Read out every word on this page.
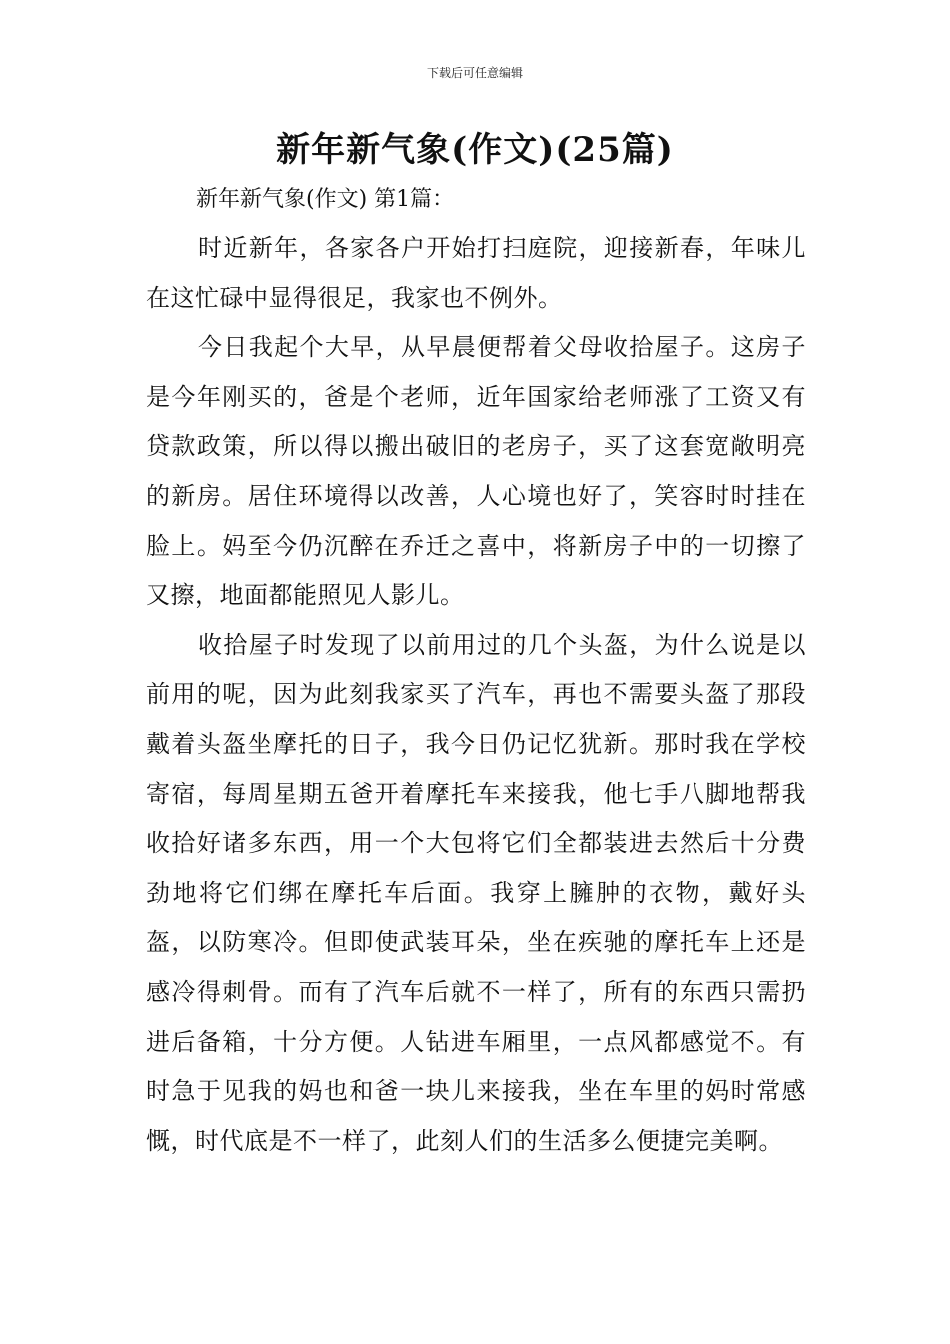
下载后可任意编辑
新年新气象(作文)(25篇)

新年新气象(作文) 第1篇：

时近新年，各家各户开始打扫庭院，迎接新春，年味儿在这忙碌中显得很足，我家也不例外。

今日我起个大早，从早晨便帮着父母收拾屋子。这房子是今年刚买的，爸是个老师，近年国家给老师涨了工资又有贷款政策，所以得以搬出破旧的老房子，买了这套宽敞明亮的新房。居住环境得以改善，人心境也好了，笑容时时挂在脸上。妈至今仍沉醉在乔迁之喜中，将新房子中的一切擦了又擦，地面都能照见人影儿。

收拾屋子时发现了以前用过的几个头盔，为什么说是以前用的呢，因为此刻我家买了汽车，再也不需要头盔了那段戴着头盔坐摩托的日子，我今日仍记忆犹新。那时我在学校寄宿，每周星期五爸开着摩托车来接我，他七手八脚地帮我收拾好诸多东西，用一个大包将它们全都装进去然后十分费劲地将它们绑在摩托车后面。我穿上臃肿的衣物，戴好头盔，以防寒冷。但即使武装耳朵，坐在疾驰的摩托车上还是感冷得刺骨。而有了汽车后就不一样了，所有的东西只需扔进后备箱，十分方便。人钻进车厢里，一点风都感觉不。有时急于见我的妈也和爸一块儿来接我，坐在车里的妈时常感慨，时代底是不一样了，此刻人们的生活多么便捷完美啊。
